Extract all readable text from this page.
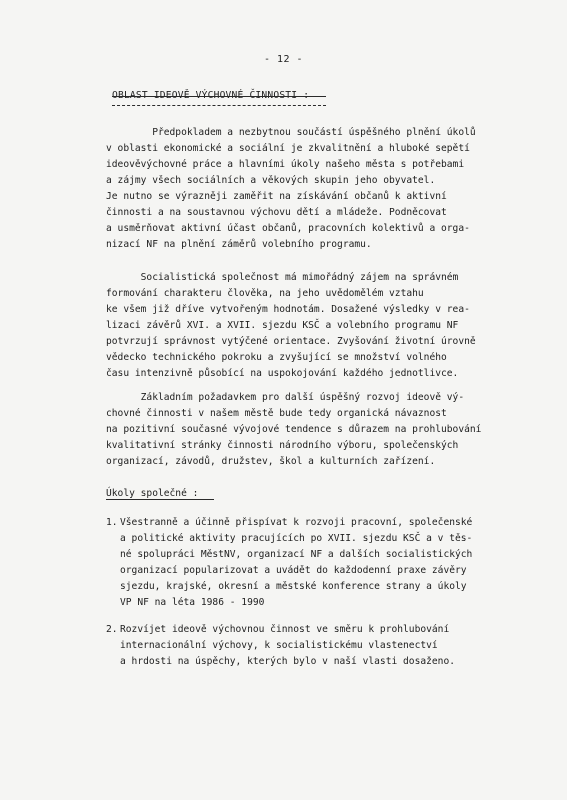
- 12 -
OBLAST IDEOVĚ VÝCHOVNÉ ČINNOSTI :
Předpokladem a nezbytnou součástí úspěšného plnění úkolů
v oblasti ekonomické a sociální je zkvalitnění a hluboké sepětí
ideověvýchovné práce a hlavními úkoly našeho města s potřebami
a zájmy všech sociálních a věkových skupin jeho obyvatel.
Je nutno se výrazněji zaměřit na získávání občanů k aktivní
činnosti a na soustavnou výchovu dětí a mládeže. Podněcovat
a usměrňovat aktivní účast občanů, pracovních kolektivů a orga-
nizací NF na plnění záměrů volebního programu.
Socialistická společnost má mimořádný zájem na správném
formování charakteru člověka, na jeho uvědomělém vztahu
ke všem již dříve vytvořeným hodnotám. Dosažené výsledky v rea-
lizaci závěrů XVI. a XVII. sjezdu KSČ a volebního programu NF
potvrzují správnost vytýčené orientace. Zvyšování životní úrovně
vědecko technického pokroku a zvyšující se množství volného
času intenzivně působící na uspokojování každého jednotlivce.
Základním požadavkem pro další úspěšný rozvoj ideově vý-
chovné činnosti v našem městě bude tedy organická návaznost
na pozitivní současné vývojové tendence s důrazem na prohlubování
kvalitativní stránky činnosti národního výboru, společenských
organizací, závodů, družstev, škol a kulturních zařízení.
Úkoly společné :
1. Všestranně a účinně přispívat k rozvoji pracovní, společenské
a politické aktivity pracujících po XVII. sjezdu KSČ a v těs-
né spolupráci MěstNV, organizací NF a dalších socialistických
organizací popularizovat a uvádět do každodenní praxe závěry
sjezdu, krajské, okresní a městské konference strany a úkoly
VP NF na léta 1986 - 1990
2. Rozvíjet ideově výchovnou činnost ve směru k prohlubování
internacionální výchovy, k socialistickému vlastenectví
a hrdosti na úspěchy, kterých bylo v naší vlasti dosaženo.
